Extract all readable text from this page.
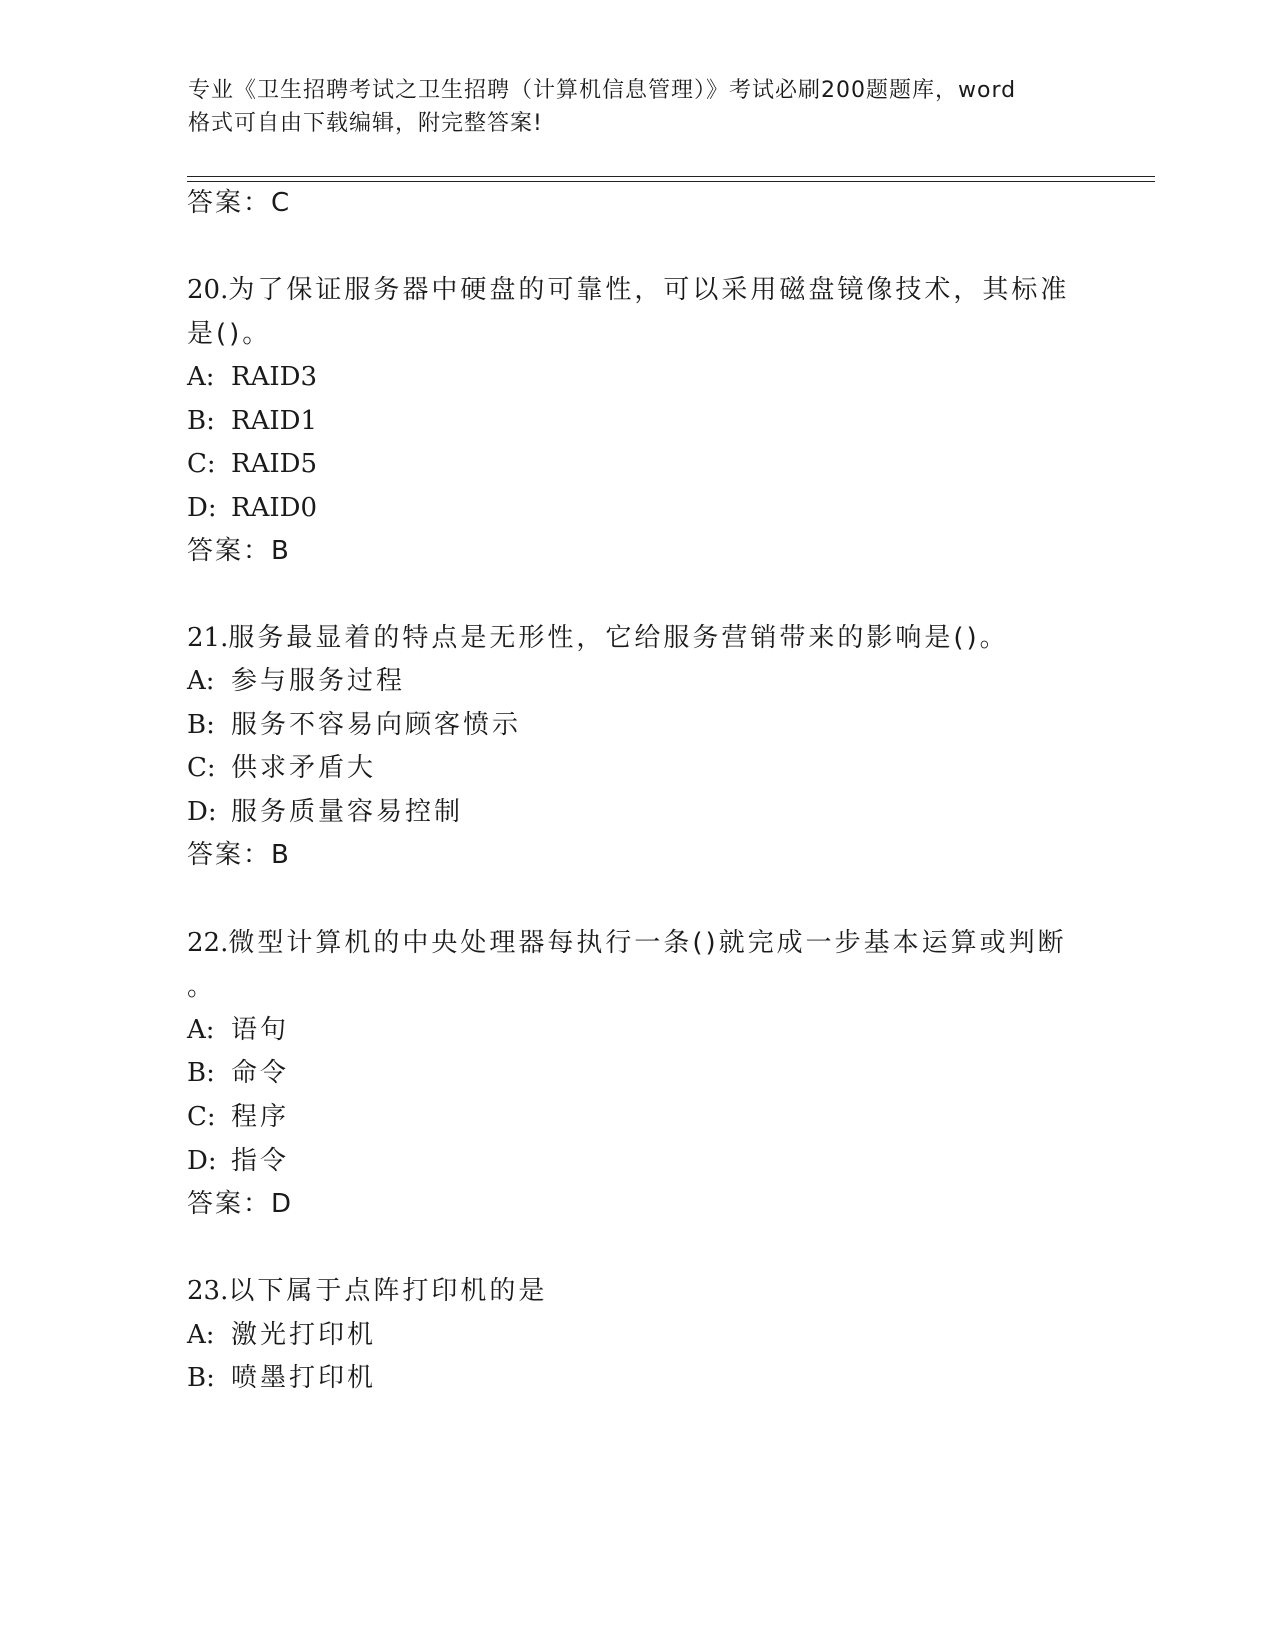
专业《卫生招聘考试之卫生招聘（计算机信息管理）》考试必刷200题题库，word
格式可自由下载编辑，附完整答案!
答案：C
20.为了保证服务器中硬盘的可靠性，可以采用磁盘镜像技术，其标准
是()。
A: RAID3
B: RAID1
C: RAID5
D: RAID0
答案：B
21.服务最显着的特点是无形性，它给服务营销带来的影响是()。
A: 参与服务过程
B: 服务不容易向顾客愤示
C: 供求矛盾大
D: 服务质量容易控制
答案：B
22.微型计算机的中央处理器每执行一条()就完成一步基本运算或判断
。
A: 语句
B: 命令
C: 程序
D: 指令
答案：D
23.以下属于点阵打印机的是
A: 激光打印机
B: 喷墨打印机
